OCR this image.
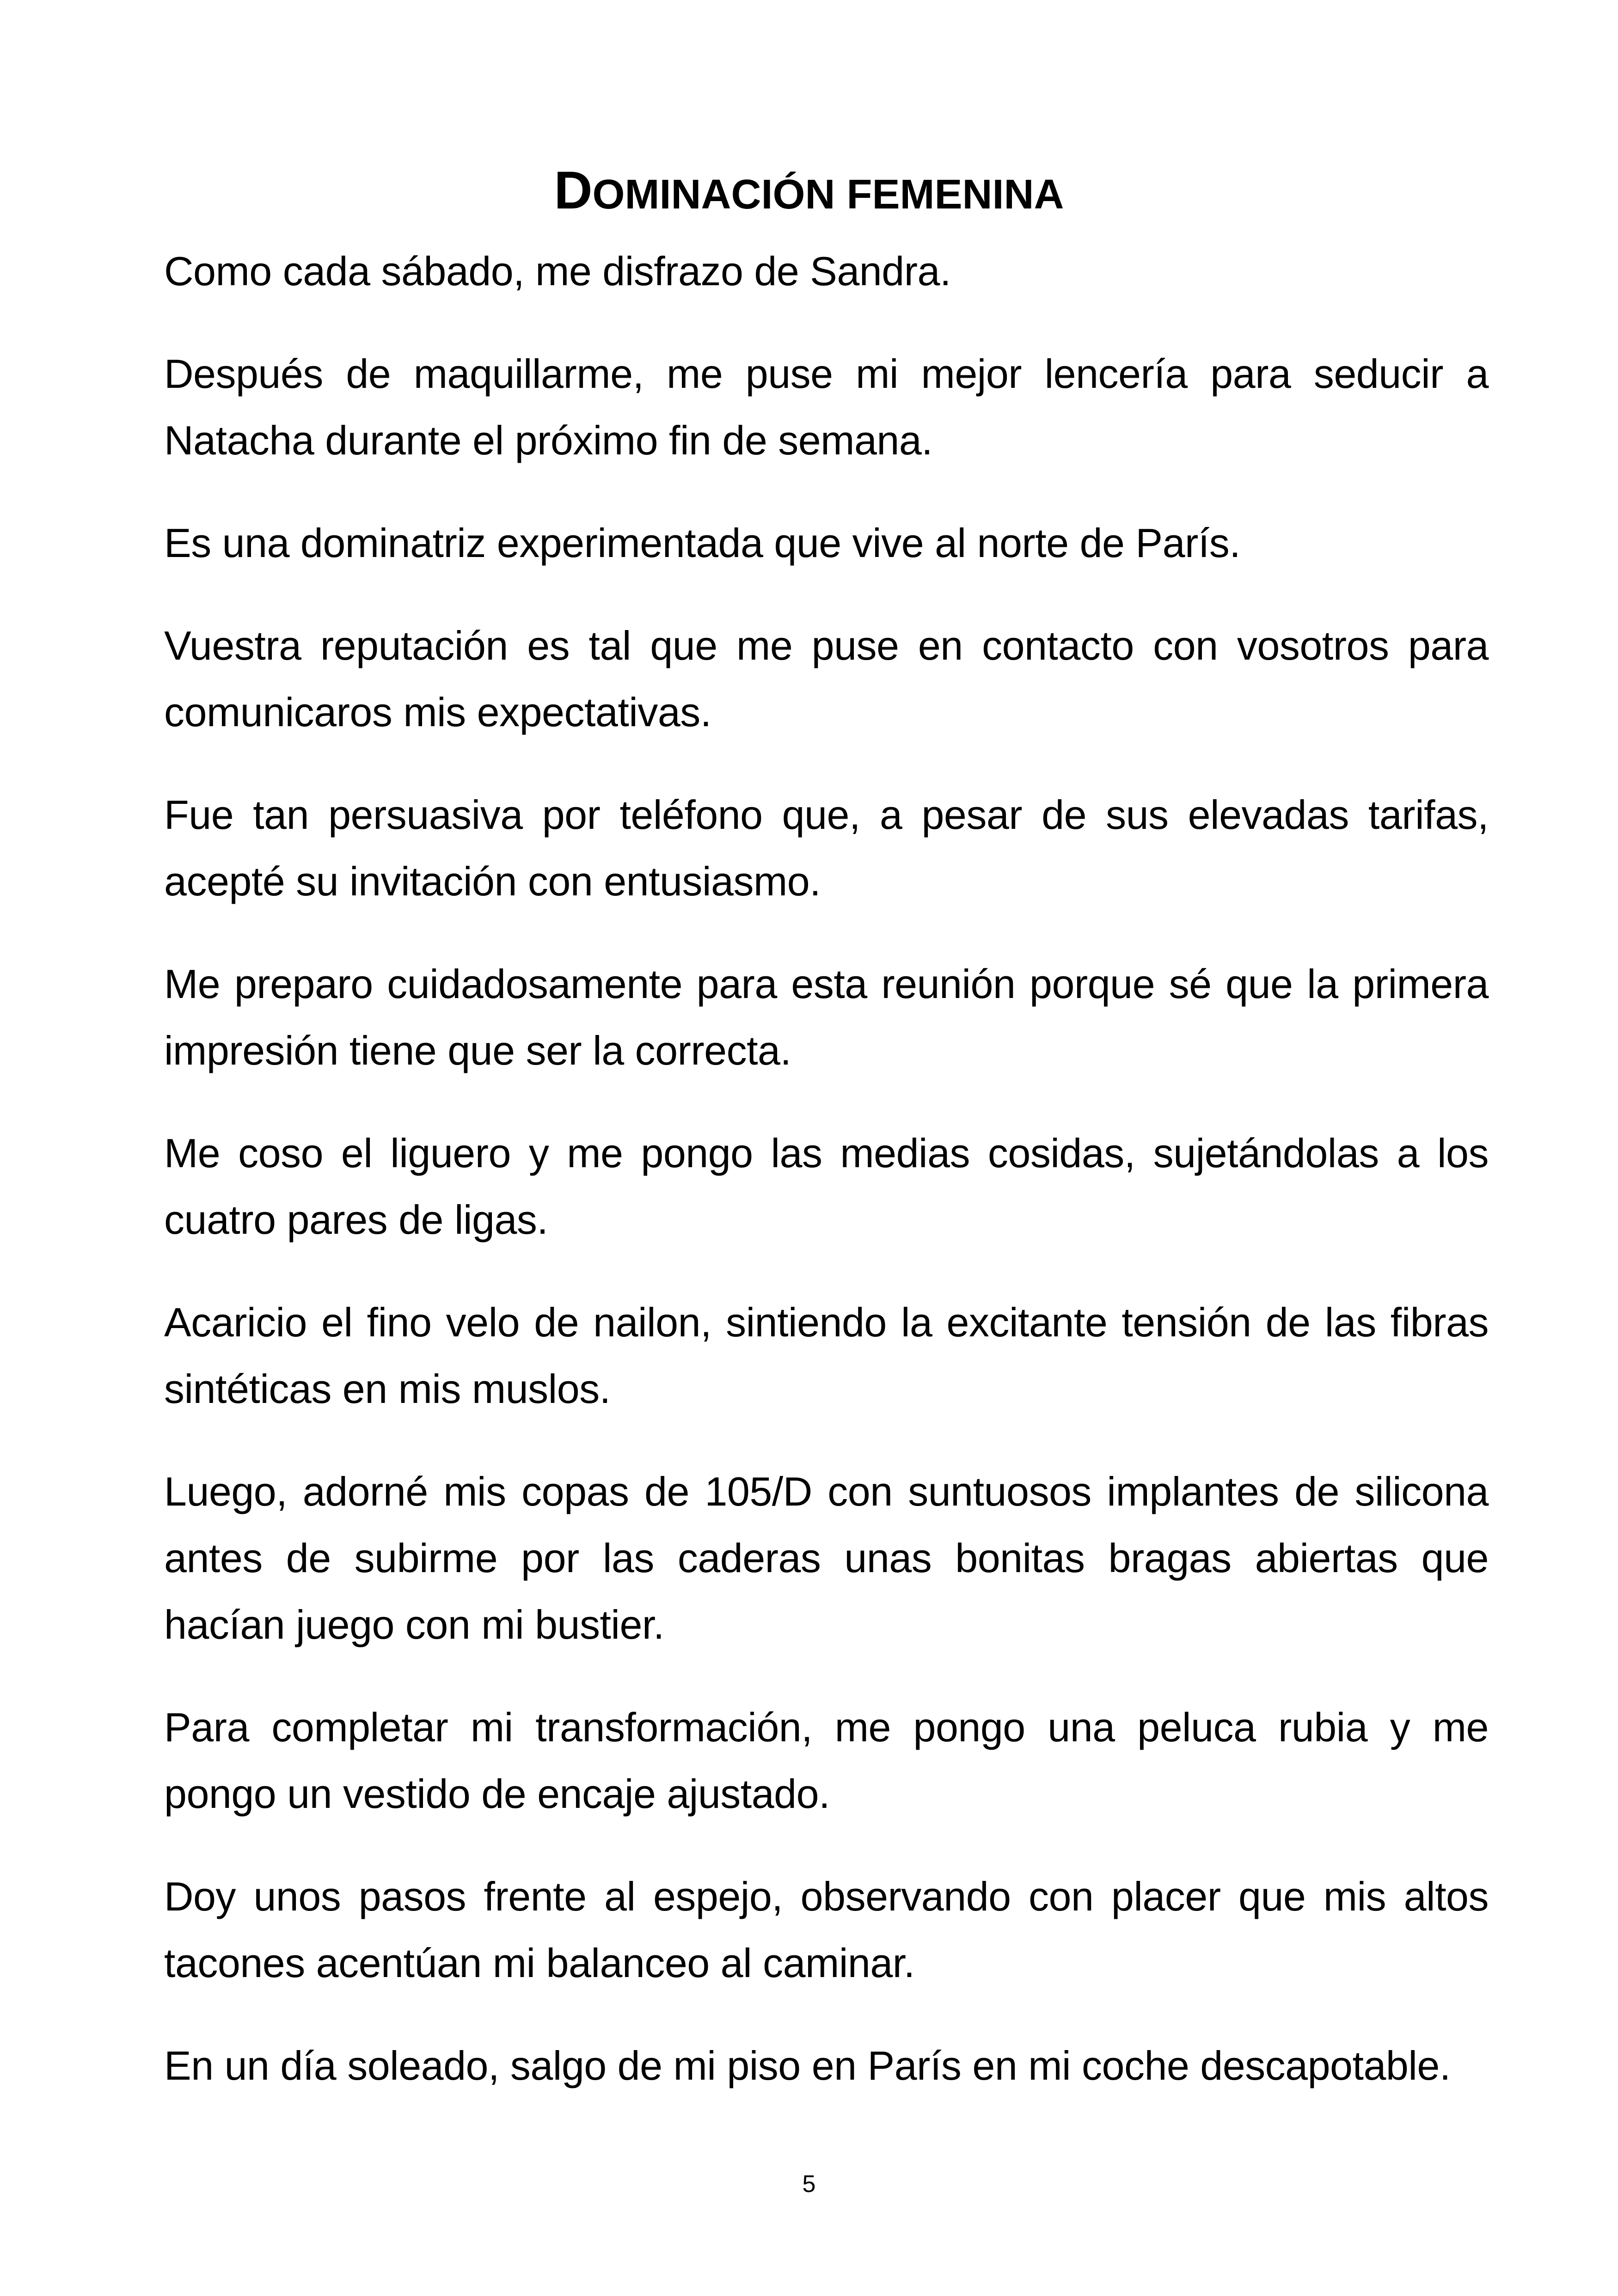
DOMINACIÓN FEMENINA

Como cada sábado, me disfrazo de Sandra.

Después de maquillarme, me puse mi mejor lencería para seducir a Natacha durante el próximo fin de semana.

Es una dominatriz experimentada que vive al norte de París.

Vuestra reputación es tal que me puse en contacto con vosotros para comunicaros mis expectativas.

Fue tan persuasiva por teléfono que, a pesar de sus elevadas tarifas, acepté su invitación con entusiasmo.

Me preparo cuidadosamente para esta reunión porque sé que la primera impresión tiene que ser la correcta.

Me coso el liguero y me pongo las medias cosidas, sujetándolas a los cuatro pares de ligas.

Acaricio el fino velo de nailon, sintiendo la excitante tensión de las fibras sintéticas en mis muslos.

Luego, adorné mis copas de 105/D con suntuosos implantes de silicona antes de subirme por las caderas unas bonitas bragas abiertas que hacían juego con mi bustier.

Para completar mi transformación, me pongo una peluca rubia y me pongo un vestido de encaje ajustado.

Doy unos pasos frente al espejo, observando con placer que mis altos tacones acentúan mi balanceo al caminar.

En un día soleado, salgo de mi piso en París en mi coche descapotable.

5
